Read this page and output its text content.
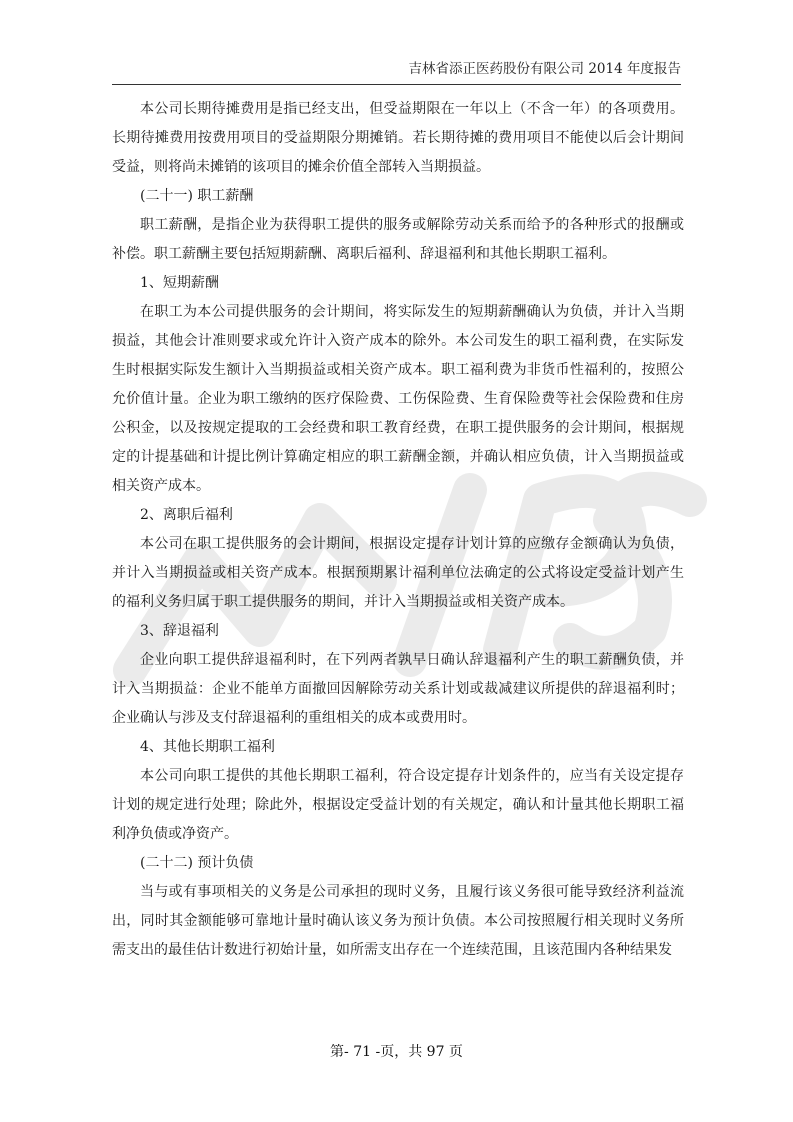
吉林省添正医药股份有限公司 2014 年度报告

本公司长期待摊费用是指已经支出，但受益期限在一年以上（不含一年）的各项费用。长期待摊费用按费用项目的受益期限分期摊销。若长期待摊的费用项目不能使以后会计期间受益，则将尚未摊销的该项目的摊余价值全部转入当期损益。

(二十一) 职工薪酬

职工薪酬，是指企业为获得职工提供的服务或解除劳动关系而给予的各种形式的报酬或补偿。职工薪酬主要包括短期薪酬、离职后福利、辞退福利和其他长期职工福利。

1、短期薪酬

在职工为本公司提供服务的会计期间，将实际发生的短期薪酬确认为负债，并计入当期损益，其他会计准则要求或允许计入资产成本的除外。本公司发生的职工福利费，在实际发生时根据实际发生额计入当期损益或相关资产成本。职工福利费为非货币性福利的，按照公允价值计量。企业为职工缴纳的医疗保险费、工伤保险费、生育保险费等社会保险费和住房公积金，以及按规定提取的工会经费和职工教育经费，在职工提供服务的会计期间，根据规定的计提基础和计提比例计算确定相应的职工薪酬金额，并确认相应负债，计入当期损益或相关资产成本。

2、离职后福利

本公司在职工提供服务的会计期间，根据设定提存计划计算的应缴存金额确认为负债，并计入当期损益或相关资产成本。根据预期累计福利单位法确定的公式将设定受益计划产生的福利义务归属于职工提供服务的期间，并计入当期损益或相关资产成本。

3、辞退福利

企业向职工提供辞退福利时，在下列两者孰早日确认辞退福利产生的职工薪酬负债，并计入当期损益：企业不能单方面撤回因解除劳动关系计划或裁减建议所提供的辞退福利时；企业确认与涉及支付辞退福利的重组相关的成本或费用时。

4、其他长期职工福利

本公司向职工提供的其他长期职工福利，符合设定提存计划条件的，应当有关设定提存计划的规定进行处理；除此外，根据设定受益计划的有关规定，确认和计量其他长期职工福利净负债或净资产。

(二十二) 预计负债

当与或有事项相关的义务是公司承担的现时义务，且履行该义务很可能导致经济利益流出，同时其金额能够可靠地计量时确认该义务为预计负债。本公司按照履行相关现时义务所需支出的最佳估计数进行初始计量，如所需支出存在一个连续范围，且该范围内各种结果发

第- 71 -页，共 97 页
